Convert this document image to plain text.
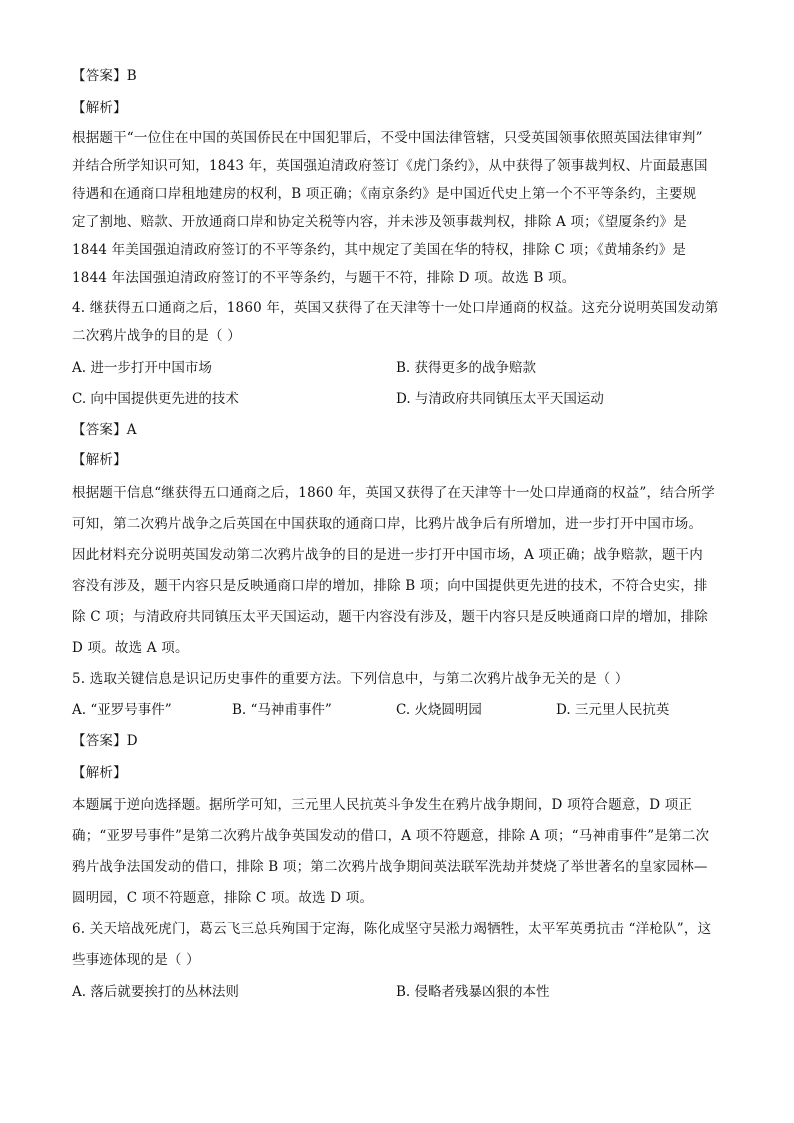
【答案】B
【解析】
根据题干“一位住在中国的英国侨民在中国犯罪后，不受中国法律管辖，只受英国领事依照英国法律审判”
并结合所学知识可知，1843 年，英国强迫清政府签订《虎门条约》，从中获得了领事裁判权、片面最惠国
待遇和在通商口岸租地建房的权利，B 项正确；《南京条约》是中国近代史上第一个不平等条约，主要规
定了割地、赔款、开放通商口岸和协定关税等内容，并未涉及领事裁判权，排除 A 项；《望厦条约》是
1844 年美国强迫清政府签订的不平等条约，其中规定了美国在华的特权，排除 C 项；《黄埔条约》是
1844 年法国强迫清政府签订的不平等条约，与题干不符，排除 D 项。故选 B 项。
4. 继获得五口通商之后，1860 年，英国又获得了在天津等十一处口岸通商的权益。这充分说明英国发动第
二次鸦片战争的目的是（ ）
A. 进一步打开中国市场	B. 获得更多的战争赔款
C. 向中国提供更先进的技术	D. 与清政府共同镇压太平天国运动
【答案】A
【解析】
根据题干信息“继获得五口通商之后，1860 年，英国又获得了在天津等十一处口岸通商的权益”，结合所学
可知，第二次鸦片战争之后英国在中国获取的通商口岸，比鸦片战争后有所增加，进一步打开中国市场。
因此材料充分说明英国发动第二次鸦片战争的目的是进一步打开中国市场，A 项正确；战争赔款，题干内
容没有涉及，题干内容只是反映通商口岸的增加，排除 B 项；向中国提供更先进的技术，不符合史实，排
除 C 项；与清政府共同镇压太平天国运动，题干内容没有涉及，题干内容只是反映通商口岸的增加，排除
D 项。故选 A 项。
5. 选取关键信息是识记历史事件的重要方法。下列信息中，与第二次鸦片战争无关的是（ ）
A. “亚罗号事件”	B. “马神甫事件”	C. 火烧圆明园	D. 三元里人民抗英
【答案】D
【解析】
本题属于逆向选择题。据所学可知，三元里人民抗英斗争发生在鸦片战争期间，D 项符合题意，D 项正
确；“亚罗号事件”是第二次鸦片战争英国发动的借口，A 项不符题意，排除 A 项；“马神甫事件”是第二次
鸦片战争法国发动的借口，排除 B 项；第二次鸦片战争期间英法联军洗劫并焚烧了举世著名的皇家园林—
圆明园，C 项不符题意，排除 C 项。故选 D 项。
6. 关天培战死虎门，葛云飞三总兵殉国于定海，陈化成坚守吴淞力竭牺牲，太平军英勇抗击 “洋枪队”，这
些事迹体现的是（ ）
A. 落后就要挨打的丛林法则	B. 侵略者残暴凶狠的本性
